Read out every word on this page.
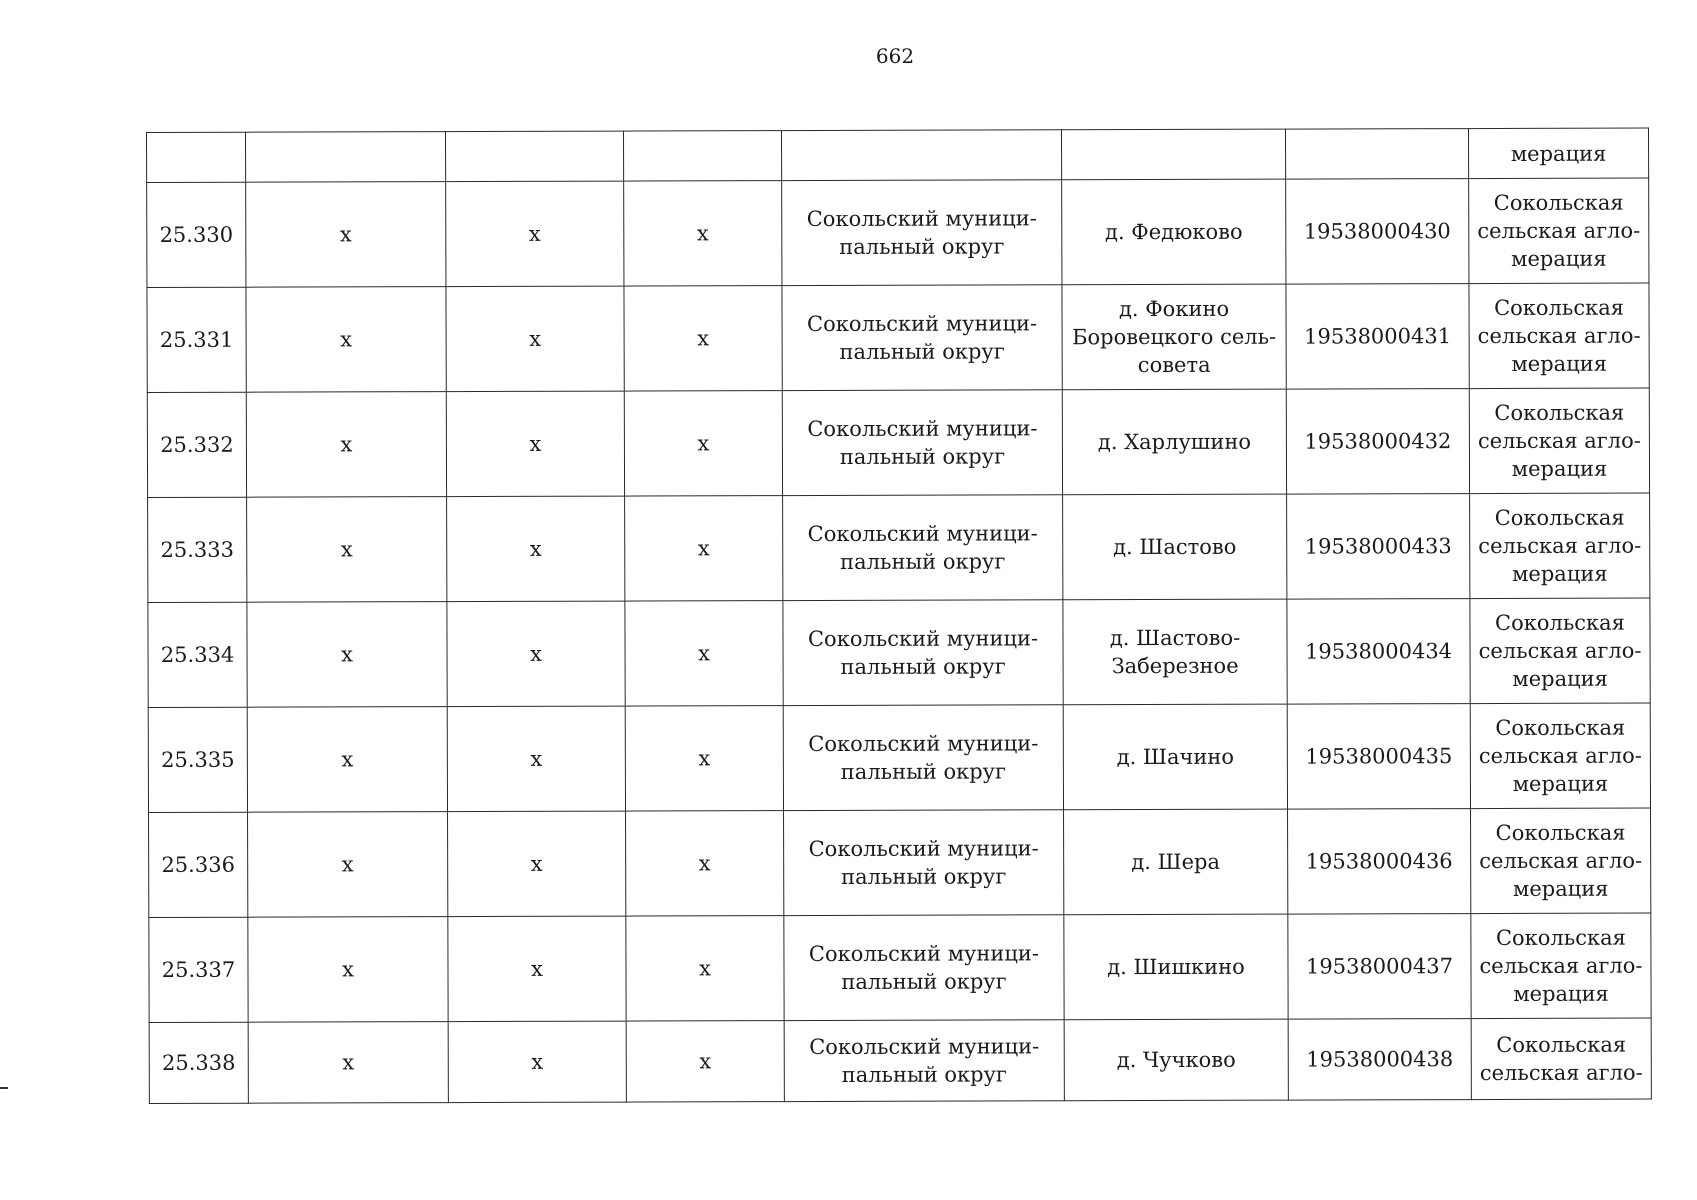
662
							мерация
25.330	x	x	x	Сокольский муници-
пальный округ	д. Федюково	19538000430	Сокольская
сельская агло-
мерация
25.331	x	x	x	Сокольский муници-
пальный округ	д. Фокино
Боровецкого сель-
совета	19538000431	Сокольская
сельская агло-
мерация
25.332	x	x	x	Сокольский муници-
пальный округ	д. Харлушино	19538000432	Сокольская
сельская агло-
мерация
25.333	x	x	x	Сокольский муници-
пальный округ	д. Шастово	19538000433	Сокольская
сельская агло-
мерация
25.334	x	x	x	Сокольский муници-
пальный округ	д. Шастово-
Заберезное	19538000434	Сокольская
сельская агло-
мерация
25.335	x	x	x	Сокольский муници-
пальный округ	д. Шачино	19538000435	Сокольская
сельская агло-
мерация
25.336	x	x	x	Сокольский муници-
пальный округ	д. Шера	19538000436	Сокольская
сельская агло-
мерация
25.337	x	x	x	Сокольский муници-
пальный округ	д. Шишкино	19538000437	Сокольская
сельская агло-
мерация
25.338	x	x	x	Сокольский муници-
пальный округ	д. Чучково	19538000438	Сокольская
сельская агло-
